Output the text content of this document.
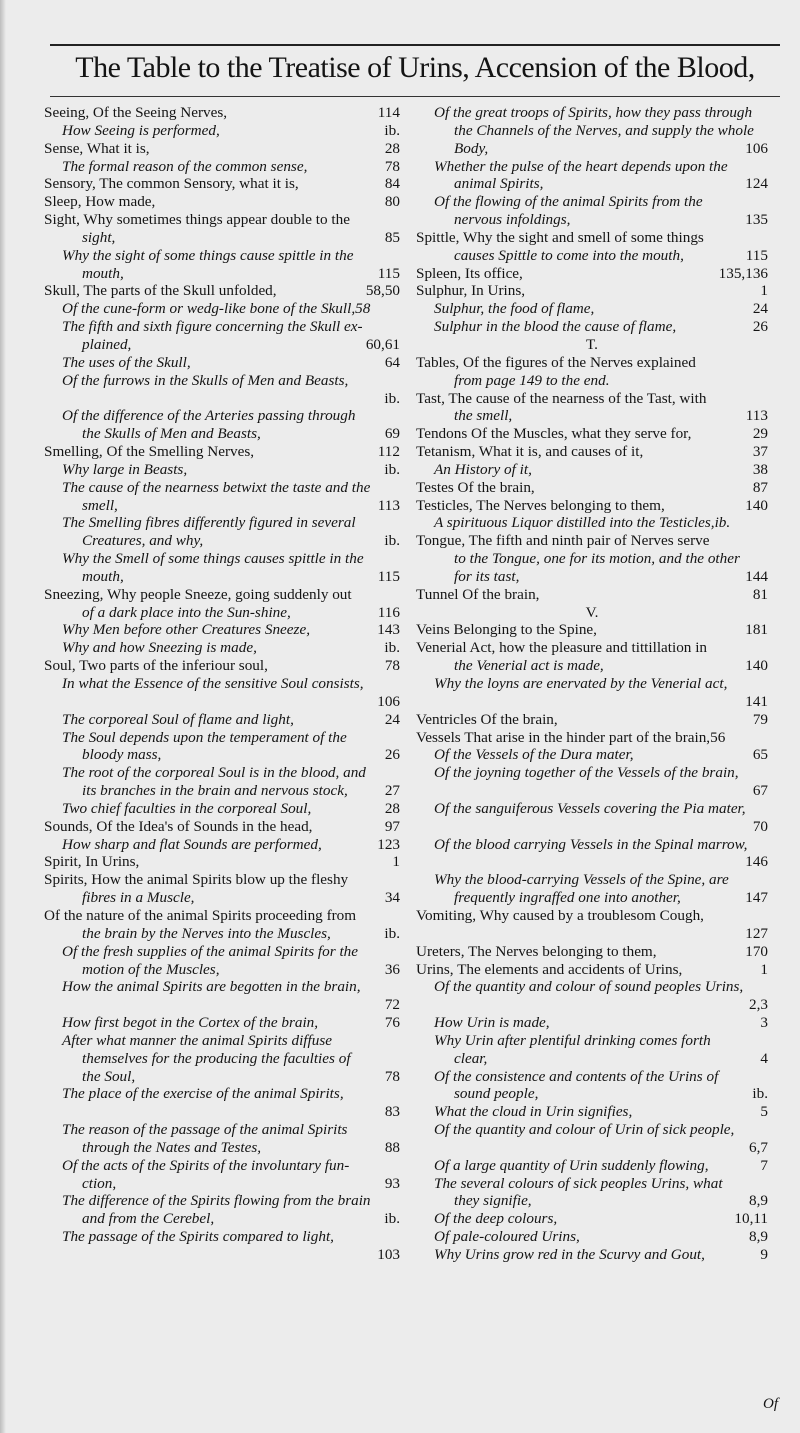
The Table to the Treatise of Urins, Accension of the Blood,
Seeing, Of the Seeing Nerves,	114
How Seeing is performed,	ib.
Sense, What it is,	28
The formal reason of the common sense,	78
Sensory, The common Sensory, what it is,	84
Sleep, How made,	80
Sight, Why sometimes things appear double to the
sight,	85
Why the sight of some things cause spittle in the
mouth,	115
Skull, The parts of the Skull unfolded,	58,50
Of the cune-form or wedg-like bone of the Skull,58
The fifth and sixth figure concerning the Skull ex-
plained,	60,61
The uses of the Skull,	64
Of the furrows in the Skulls of Men and Beasts,
ib.
Of the difference of the Arteries passing through
the Skulls of Men and Beasts,	69
Smelling, Of the Smelling Nerves,	112
Why large in Beasts,	ib.
The cause of the nearness betwixt the taste and the
smell,	113
The Smelling fibres differently figured in several
Creatures, and why,	ib.
Why the Smell of some things causes spittle in the
mouth,	115
Sneezing, Why people Sneeze, going suddenly out
of a dark place into the Sun-shine,	116
Why Men before other Creatures Sneeze,	143
Why and how Sneezing is made,	ib.
Soul, Two parts of the inferiour soul,	78
In what the Essence of the sensitive Soul consists,
106
The corporeal Soul of flame and light,	24
The Soul depends upon the temperament of the
bloody mass,	26
The root of the corporeal Soul is in the blood, and
its branches in the brain and nervous stock, 27
Two chief faculties in the corporeal Soul,	28
Sounds, Of the Idea's of Sounds in the head,	97
How sharp and flat Sounds are performed,	123
Spirit, In Urins,	1
Spirits, How the animal Spirits blow up the fleshy
fibres in a Muscle,	34
Of the nature of the animal Spirits proceeding from
the brain by the Nerves into the Muscles,	ib.
Of the fresh supplies of the animal Spirits for the
motion of the Muscles,	36
How the animal Spirits are begotten in the brain,
72
How first begot in the Cortex of the brain,	76
After what manner the animal Spirits diffuse
themselves for the producing the faculties of
the Soul,	78
The place of the exercise of the animal Spirits,
83
The reason of the passage of the animal Spirits
through the Nates and Testes,	88
Of the acts of the Spirits of the involuntary fun-
ction,	93
The difference of the Spirits flowing from the brain
and from the Cerebel,	ib.
The passage of the Spirits compared to light,
103
Of the great troops of Spirits, how they pass through
the Channels of the Nerves, and supply the whole
Body,	106
Whether the pulse of the heart depends upon the
animal Spirits,	124
Of the flowing of the animal Spirits from the
nervous infoldings,	135
Spittle, Why the sight and smell of some things
causes Spittle to come into the mouth,	115
Spleen, Its office,	135,136
Sulphur, In Urins,	1
Sulphur, the food of flame,	24
Sulphur in the blood the cause of flame,	26
T.
Tables, Of the figures of the Nerves explained
from page 149 to the end.
Tast, The cause of the nearness of the Tast, with
the smell,	113
Tendons Of the Muscles, what they serve for,	29
Tetanism, What it is, and causes of it,	37
An History of it,	38
Testes Of the brain,	87
Testicles, The Nerves belonging to them,	140
A spirituous Liquor distilled into the Testicles,ib.
Tongue, The fifth and ninth pair of Nerves serve
to the Tongue, one for its motion, and the other
for its tast,	144
Tunnel Of the brain,	81
V.
Veins Belonging to the Spine,	181
Venerial Act, how the pleasure and tittillation in
the Venerial act is made,	140
Why the loyns are enervated by the Venerial act,
141
Ventricles Of the brain,	79
Vessels That arise in the hinder part of the brain,56
Of the Vessels of the Dura mater,	65
Of the joyning together of the Vessels of the brain,
67
Of the sanguiferous Vessels covering the Pia mater,
70
Of the blood carrying Vessels in the Spinal marrow,
146
Why the blood-carrying Vessels of the Spine, are
frequently ingraffed one into another,	147
Vomiting, Why caused by a troublesom Cough,
127
Ureters, The Nerves belonging to them,	170
Urins, The elements and accidents of Urins,	1
Of the quantity and colour of sound peoples Urins,
2,3
How Urin is made,	3
Why Urin after plentiful drinking comes forth
clear,	4
Of the consistence and contents of the Urins of
sound people,	ib.
What the cloud in Urin signifies,	5
Of the quantity and colour of Urin of sick people,
6,7
Of a large quantity of Urin suddenly flowing,	7
The several colours of sick peoples Urins, what
they signifie,	8,9
Of the deep colours,	10,11
Of pale-coloured Urins,	8,9
Why Urins grow red in the Scurvy and Gout,	9
Of
